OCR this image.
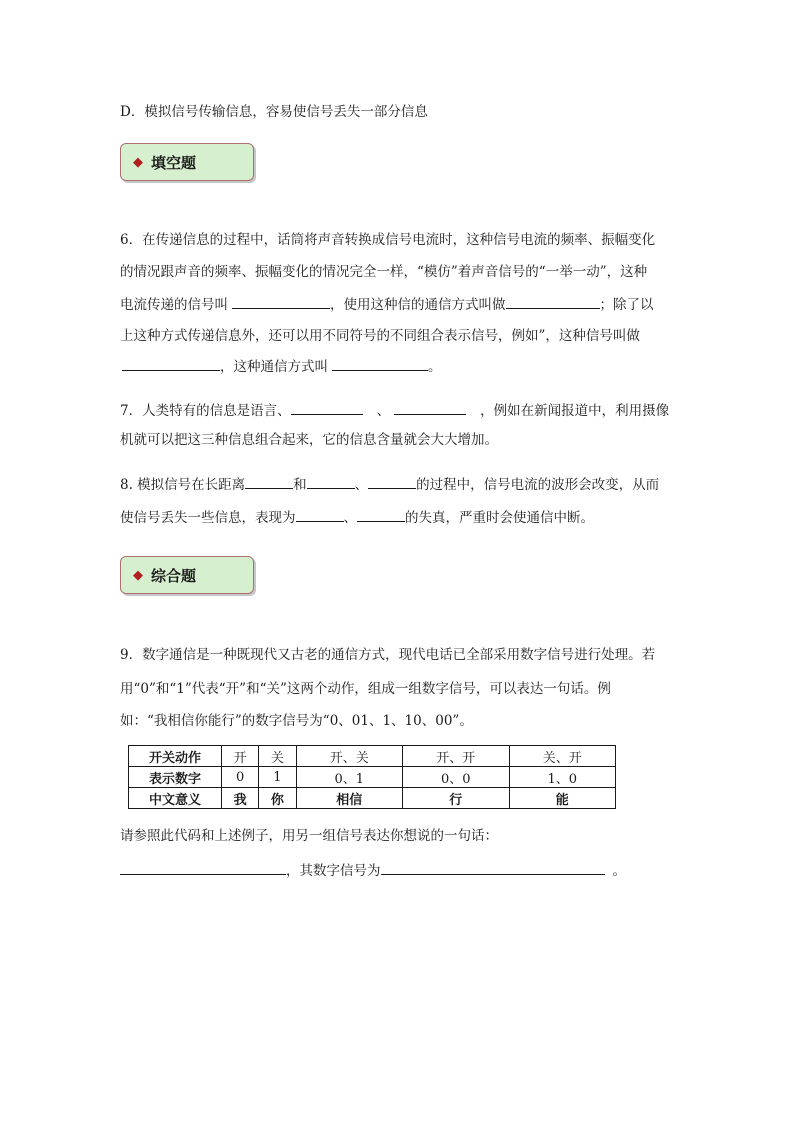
D．模拟信号传输信息，容易使信号丢失一部分信息
◆ 填空题
6．在传递信息的过程中，话筒将声音转换成信号电流时，这种信号电流的频率、振幅变化
的情况跟声音的频率、振幅变化的情况完全一样，“模仿”着声音信号的“一举一动”，这种
电流传递的信号叫	，使用这种信的通信方式叫做	；除了以
上这种方式传递信息外，还可以用不同符号的不同组合表示信号，例如”，这种信号叫做
，这种通信方式叫	。
7．人类特有的信息是语言、	、	，例如在新闻报道中，利用摄像
机就可以把这三种信息组合起来，它的信息含量就会大大增加。
8. 模拟信号在长距离	和	、	的过程中，信号电流的波形会改变，从而
使信号丢失一些信息，表现为	、	的失真，严重时会使通信中断。
◆ 综合题
9．数字通信是一种既现代又古老的通信方式，现代电话已全部采用数字信号进行处理。若
用“0”和“1”代表“开”和“关”这两个动作，组成一组数字信号，可以表达一句话。例
如：“我相信你能行”的数字信号为“0、01、1、10、00”。
开关动作	开	关	开、关	开、开	关、开
表示数字	0	1	0、1	0、0	1、0
中文意义	我	你	相信	行	能
请参照此代码和上述例子，用另一组信号表达你想说的一句话：
，其数字信号为	。
